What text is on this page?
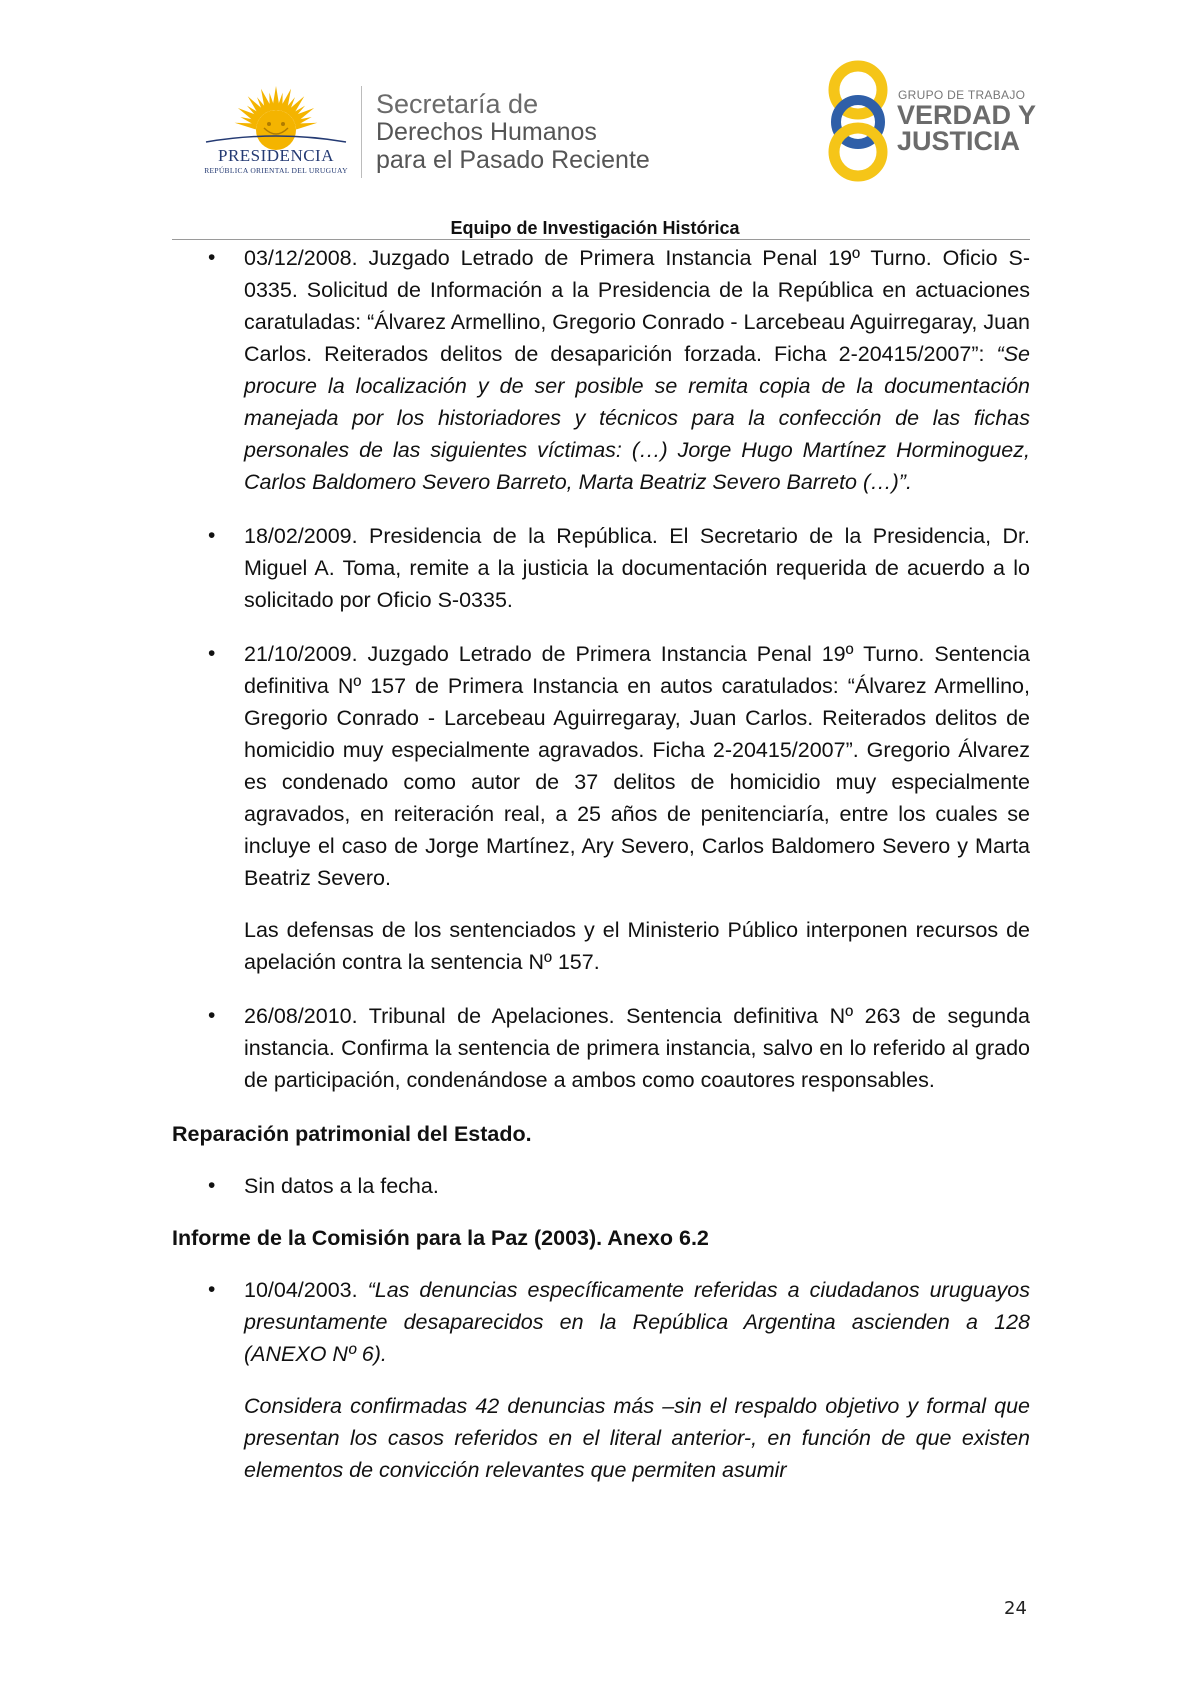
PRESIDENCIA
REPÚBLICA ORIENTAL DEL URUGUAY
Secretaría de
Derechos Humanos
para el Pasado Reciente
GRUPO DE TRABAJO
VERDAD Y
JUSTICIA
Equipo de Investigación Histórica
• 03/12/2008. Juzgado Letrado de Primera Instancia Penal 19º Turno. Oficio S-0335. Solicitud de Información a la Presidencia de la República en actuaciones caratuladas: “Álvarez Armellino, Gregorio Conrado - Larcebeau Aguirregaray, Juan Carlos. Reiterados delitos de desaparición forzada. Ficha 2-20415/2007”: “Se procure la localización y de ser posible se remita copia de la documentación manejada por los historiadores y técnicos para la confección de las fichas personales de las siguientes víctimas: (…) Jorge Hugo Martínez Horminoguez, Carlos Baldomero Severo Barreto, Marta Beatriz Severo Barreto (…)”.

• 18/02/2009. Presidencia de la República. El Secretario de la Presidencia, Dr. Miguel A. Toma, remite a la justicia la documentación requerida de acuerdo a lo solicitado por Oficio S-0335.

• 21/10/2009. Juzgado Letrado de Primera Instancia Penal 19º Turno. Sentencia definitiva Nº 157 de Primera Instancia en autos caratulados: “Álvarez Armellino, Gregorio Conrado - Larcebeau Aguirregaray, Juan Carlos. Reiterados delitos de homicidio muy especialmente agravados. Ficha 2-20415/2007”. Gregorio Álvarez es condenado como autor de 37 delitos de homicidio muy especialmente agravados, en reiteración real, a 25 años de penitenciaría, entre los cuales se incluye el caso de Jorge Martínez, Ary Severo, Carlos Baldomero Severo y Marta Beatriz Severo.

Las defensas de los sentenciados y el Ministerio Público interponen recursos de apelación contra la sentencia Nº 157.

• 26/08/2010. Tribunal de Apelaciones. Sentencia definitiva Nº 263 de segunda instancia. Confirma la sentencia de primera instancia, salvo en lo referido al grado de participación, condenándose a ambos como coautores responsables.

Reparación patrimonial del Estado.

• Sin datos a la fecha.

Informe de la Comisión para la Paz (2003). Anexo 6.2

• 10/04/2003. “Las denuncias específicamente referidas a ciudadanos uruguayos presuntamente desaparecidos en la República Argentina ascienden a 128 (ANEXO Nº 6).

Considera confirmadas 42 denuncias más –sin el respaldo objetivo y formal que presentan los casos referidos en el literal anterior-, en función de que existen elementos de convicción relevantes que permiten asumir

24
